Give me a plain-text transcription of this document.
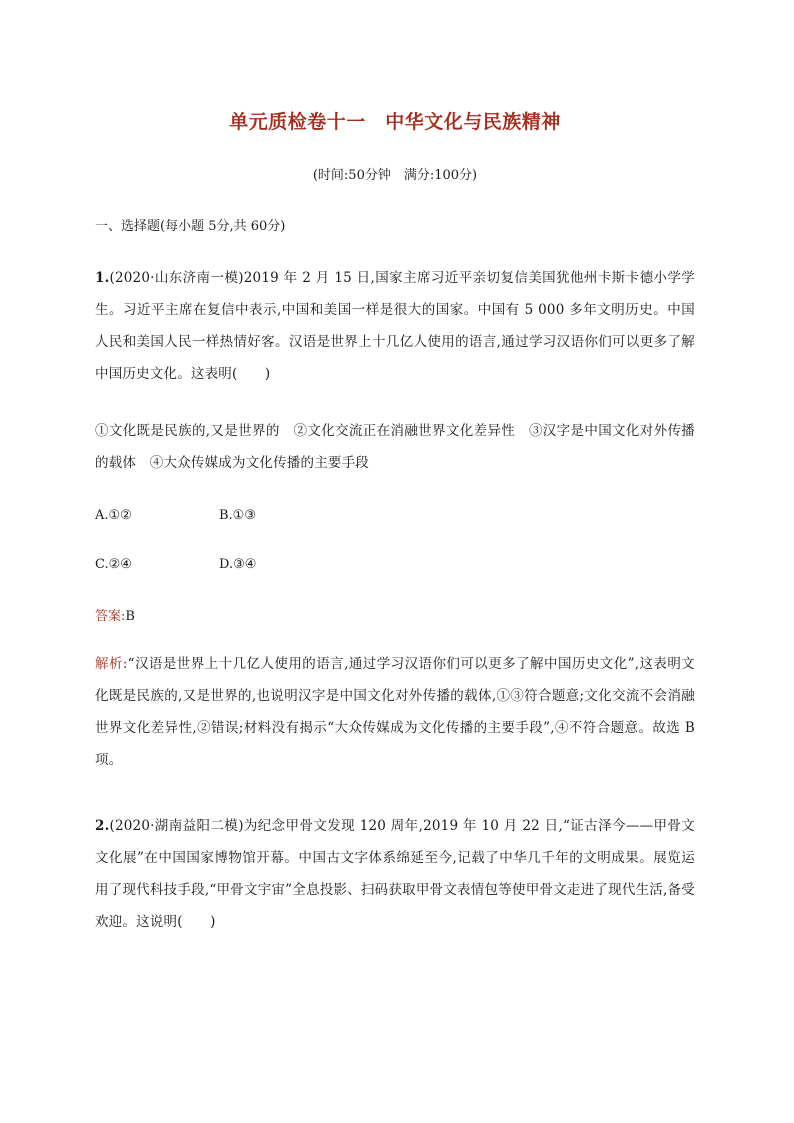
单元质检卷十一　中华文化与民族精神
(时间:50分钟　满分:100分)
一、选择题(每小题 5分,共 60分)
1.(2020·山东济南一模)2019 年 2 月 15 日,国家主席习近平亲切复信美国犹他州卡斯卡德小学学生。习近平主席在复信中表示,中国和美国一样是很大的国家。中国有 5 000 多年文明历史。中国人民和美国人民一样热情好客。汉语是世界上十几亿人使用的语言,通过学习汉语你们可以更多了解中国历史文化。这表明(　　)
①文化既是民族的,又是世界的　②文化交流正在消融世界文化差异性　③汉字是中国文化对外传播的载体　④大众传媒成为文化传播的主要手段
A.①②	B.①③
C.②④	D.③④
答案:B
解析:“汉语是世界上十几亿人使用的语言,通过学习汉语你们可以更多了解中国历史文化”,这表明文化既是民族的,又是世界的,也说明汉字是中国文化对外传播的载体,①③符合题意;文化交流不会消融世界文化差异性,②错误;材料没有揭示“大众传媒成为文化传播的主要手段”,④不符合题意。故选 B 项。
2.(2020·湖南益阳二模)为纪念甲骨文发现 120 周年,2019 年 10 月 22 日,“证古泽今——甲骨文文化展”在中国国家博物馆开幕。中国古文字体系绵延至今,记载了中华几千年的文明成果。展览运用了现代科技手段,“甲骨文宇宙”全息投影、扫码获取甲骨文表情包等使甲骨文走进了现代生活,备受欢迎。这说明(　　)
